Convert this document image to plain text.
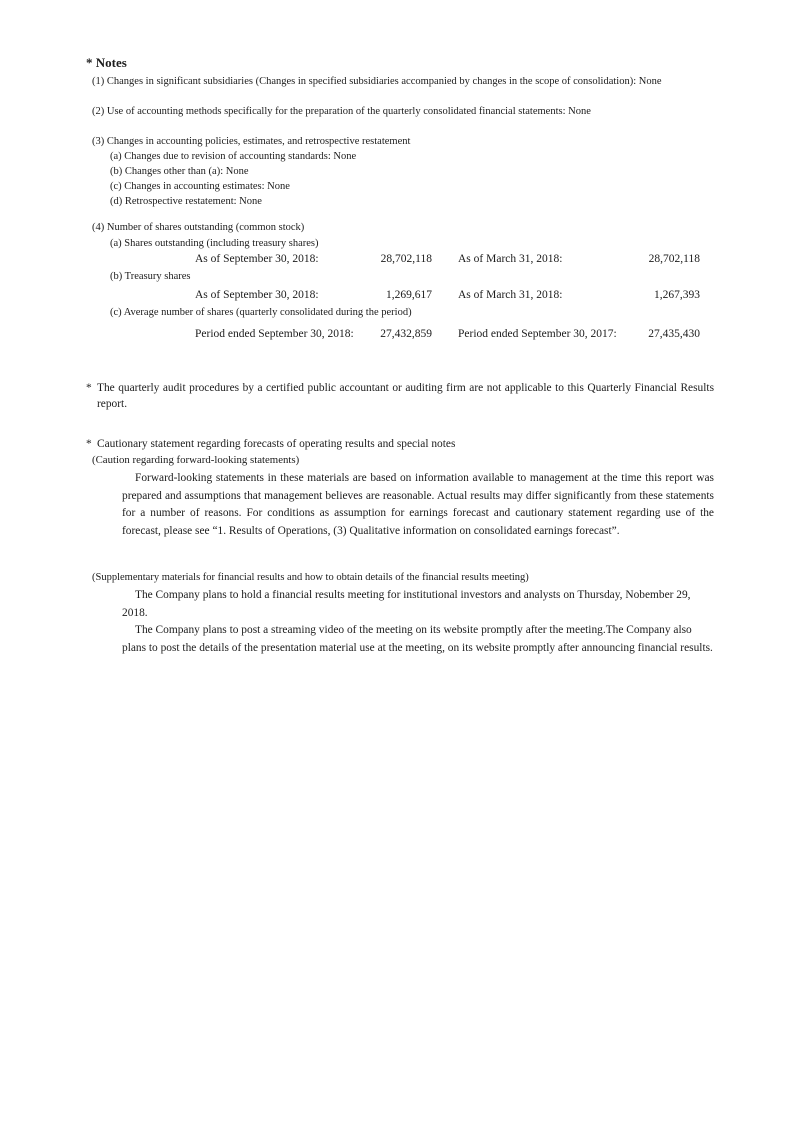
* Notes
(1) Changes in significant subsidiaries (Changes in specified subsidiaries accompanied by changes in the scope of consolidation): None
(2) Use of accounting methods specifically for the preparation of the quarterly consolidated financial statements: None
(3) Changes in accounting policies, estimates, and retrospective restatement
(a) Changes due to revision of accounting standards: None
(b) Changes other than (a): None
(c) Changes in accounting estimates: None
(d) Retrospective restatement: None
(4) Number of shares outstanding (common stock)
(a) Shares outstanding (including treasury shares)
As of September 30, 2018:	28,702,118 As of March 31, 2018:	28,702,118
(b) Treasury shares
As of September 30, 2018:	1,269,617 As of March 31, 2018:	1,267,393
(c) Average number of shares (quarterly consolidated during the period)
Period ended September 30, 2018: 27,432,859 Period ended September 30, 2017:	27,435,430
* The quarterly audit procedures by a certified public accountant or auditing firm are not applicable to this Quarterly Financial Results report.
* Cautionary statement regarding forecasts of operating results and special notes
(Caution regarding forward-looking statements)
Forward-looking statements in these materials are based on information available to management at the time this report was prepared and assumptions that management believes are reasonable. Actual results may differ significantly from these statements for a number of reasons. For conditions as assumption for earnings forecast and cautionary statement regarding use of the forecast, please see “1. Results of Operations, (3) Qualitative information on consolidated earnings forecast”.
(Supplementary materials for financial results and how to obtain details of the financial results meeting)
The Company plans to hold a financial results meeting for institutional investors and analysts on Thursday, Nobember 29, 2018.
The Company plans to post a streaming video of the meeting on its website promptly after the meeting.The Company also plans to post the details of the presentation material use at the meeting, on its website promptly after announcing financial results.
